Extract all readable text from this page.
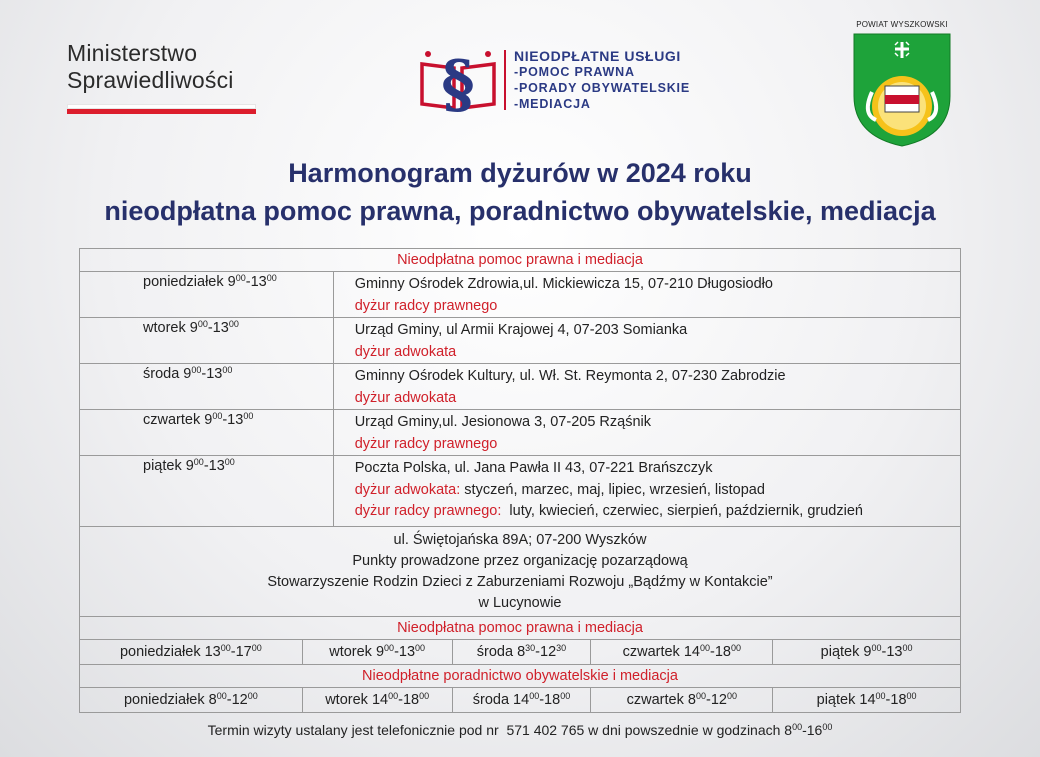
Ministerstwo
Sprawiedliwości	§	NIEODPŁATNE USŁUGI
-POMOC PRAWNA
-PORADY OBYWATELSKIE
-MEDIACJA
POWIAT WYSZKOWSKI
Harmonogram dyżurów w 2024 roku
nieodpłatna pomoc prawna, poradnictwo obywatelskie, mediacja
Nieodpłatna pomoc prawna i mediacja					
poniedziałek $9^{00}-13^{00}$		Gminny Ośrodek Zdrowia,ul. Mickiewicza 15, 07-210 Długosiodło
dyżur radcy prawnego			

wtorek $9^{00}-13^{00}$		Urząd Gminy, ul Armii Krajowej 4, 07-203 Somianka
dyżur adwokata			

środa $9^{00}-13^{00}$		Gminny Ośrodek Kultury, ul. Wł. St. Reymonta 2, 07-230 Zabrodzie
dyżur adwokata			

czwartek $9^{00}-13^{00}$		Urząd Gminy,ul. Jesionowa 3, 07-205 Rząśnik
dyżur radcy prawnego			

piątek $9^{00}-13^{00}$		Poczta Polska, ul. Jana Pawła II 43, 07-221 Brańszczyk
dyżur adwokata: styczeń, marzec, maj, lipiec, wrzesień, listopad
dyżur radcy prawnego:  luty, kwiecień, czerwiec, sierpień, październik, grudzień			

ul. Świętojańska 89A; 07-200 Wyszków
Punkty prowadzone przez organizację pozarządową
Stowarzyszenie Rodzin Dzieci z Zaburzeniami Rozwoju „Bądźmy w Kontakcie”
w Lucynowie					

Nieodpłatna pomoc prawna i mediacja					
poniedziałek $13^{00}-17^{00}$	wtorek $9^{00}-13^{00}$		środa $8^{30}-12^{30}$	czwartek $14^{00}-18^{00}$	piątek $9^{00}-13^{00}$
Nieodpłatne poradnictwo obywatelskie i mediacja					
poniedziałek $8^{00}-12^{00}$	wtorek $14^{00}-18^{00}$		środa $14^{00}-18^{00}$	czwartek $8^{00}-12^{00}$	piątek $14^{00}-18^{00}$
Termin wizyty ustalany jest telefonicznie pod nr  571 402 765 w dni powszednie w godzinach $8^{00}-16^{00}$
